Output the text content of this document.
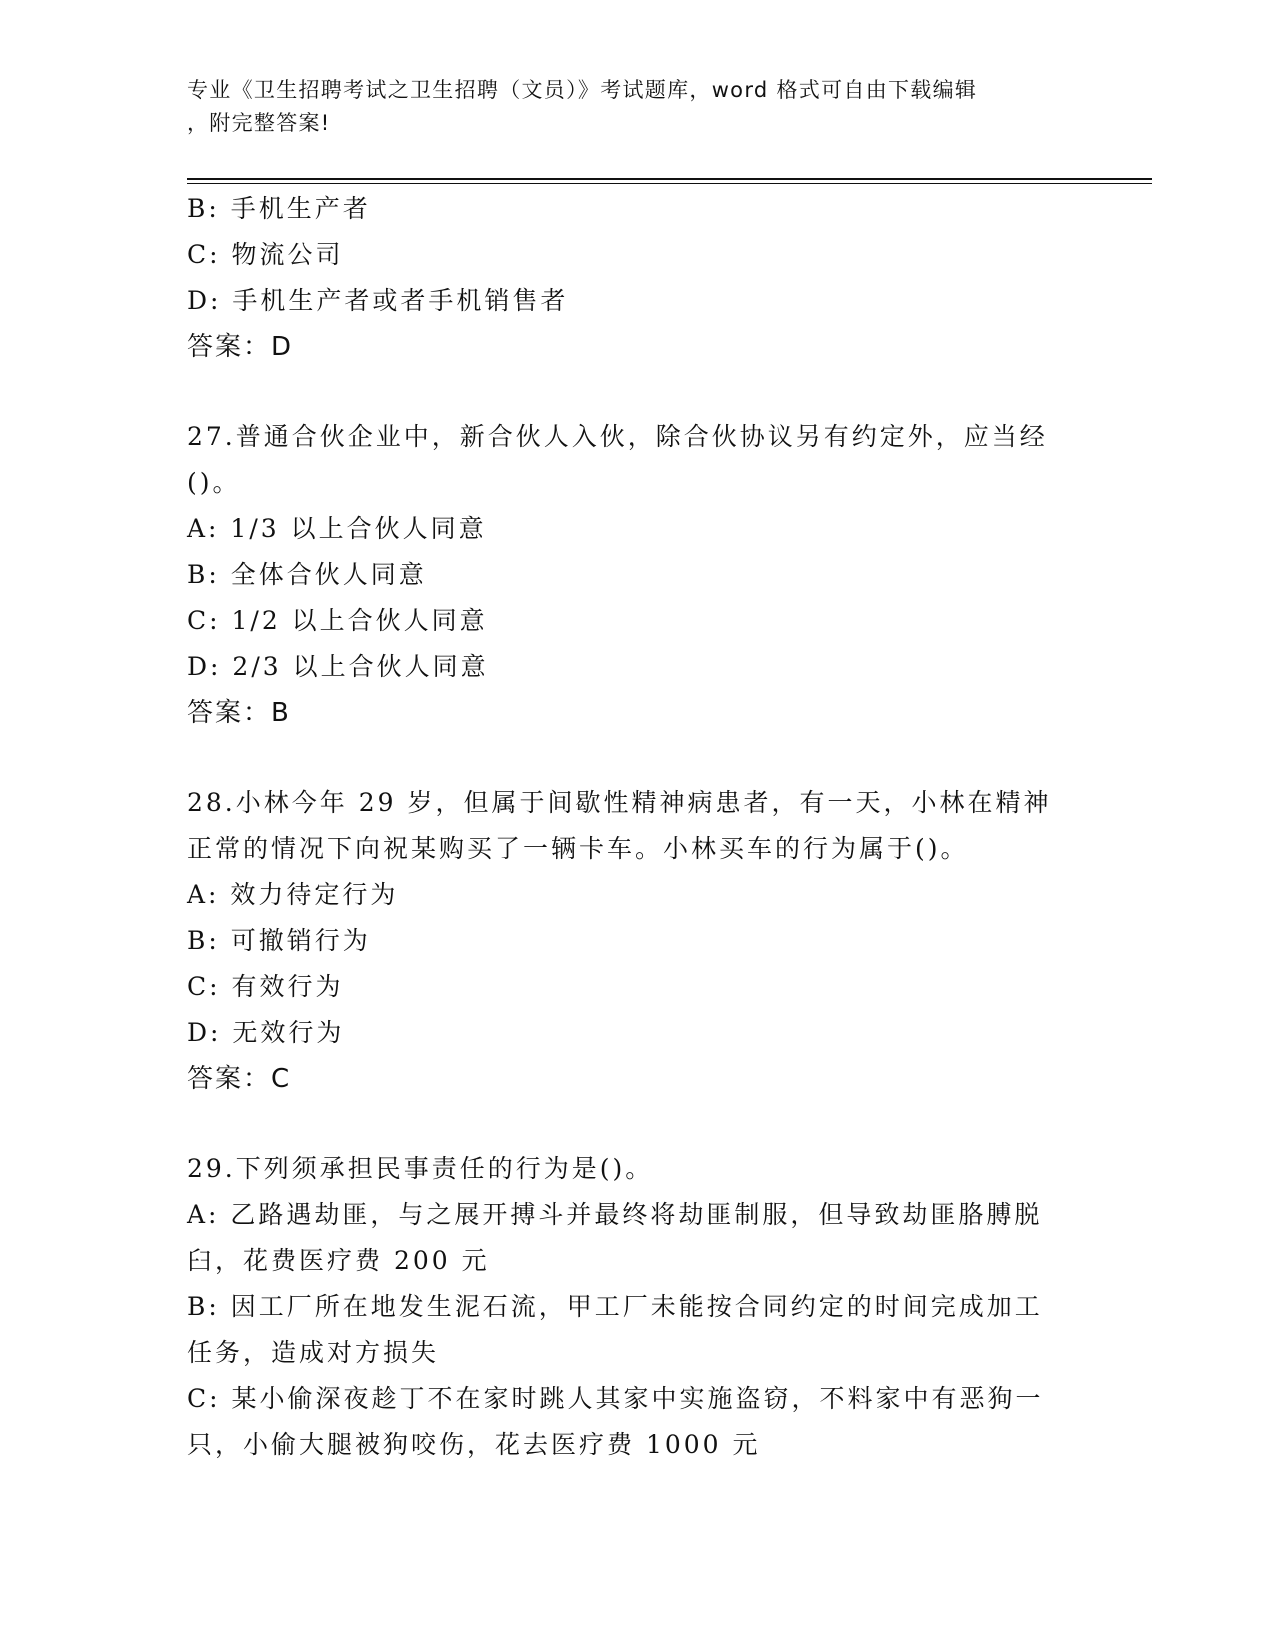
专业《卫生招聘考试之卫生招聘（文员）》考试题库，word 格式可自由下载编辑
，附完整答案!
B: 手机生产者
C: 物流公司
D: 手机生产者或者手机销售者
答案：D
27.普通合伙企业中，新合伙人入伙，除合伙协议另有约定外，应当经
()。
A: 1/3 以上合伙人同意
B: 全体合伙人同意
C: 1/2 以上合伙人同意
D: 2/3 以上合伙人同意
答案：B
28.小林今年 29 岁，但属于间歇性精神病患者，有一天，小林在精神
正常的情况下向祝某购买了一辆卡车。小林买车的行为属于()。
A: 效力待定行为
B: 可撤销行为
C: 有效行为
D: 无效行为
答案：C
29.下列须承担民事责任的行为是()。
A: 乙路遇劫匪，与之展开搏斗并最终将劫匪制服，但导致劫匪胳膊脱
臼，花费医疗费 200 元
B: 因工厂所在地发生泥石流，甲工厂未能按合同约定的时间完成加工
任务，造成对方损失
C: 某小偷深夜趁丁不在家时跳人其家中实施盗窃，不料家中有恶狗一
只，小偷大腿被狗咬伤，花去医疗费 1000 元
